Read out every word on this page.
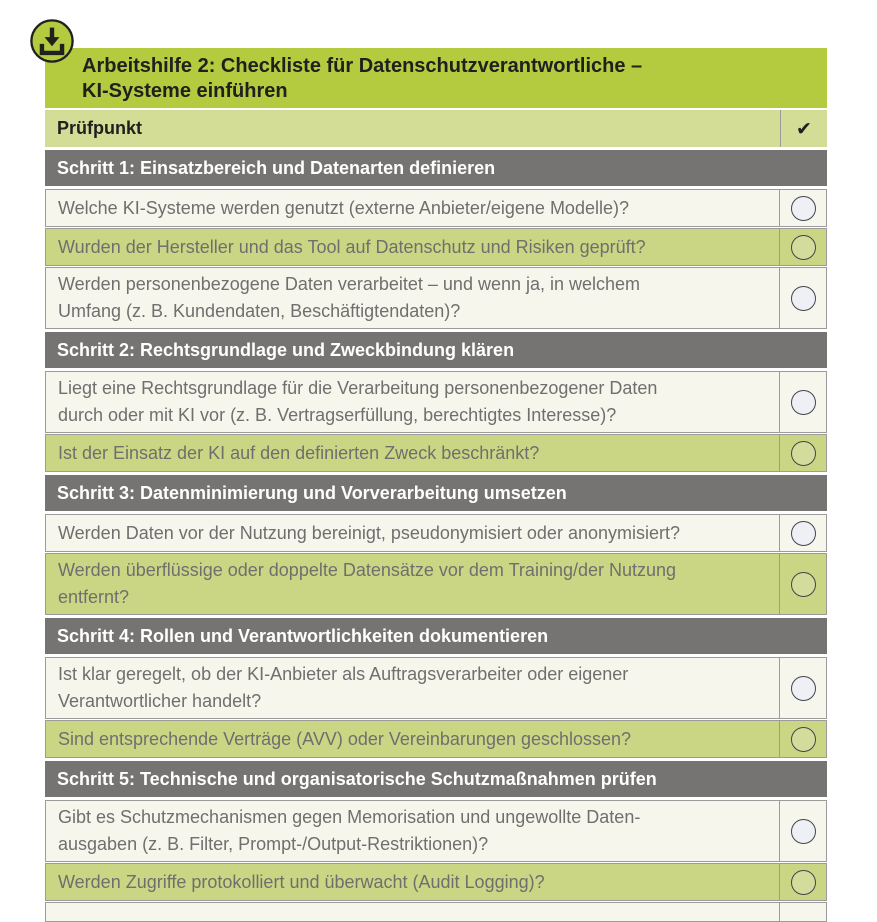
Arbeitshilfe 2: Checkliste für Datenschutzverantwortliche –
KI-Systeme einführen
Prüfpunkt	✔
Schritt 1: Einsatzbereich und Datenarten definieren
Welche KI-Systeme werden genutzt (externe Anbieter/eigene Modelle)?
Wurden der Hersteller und das Tool auf Datenschutz und Risiken geprüft?
Werden personenbezogene Daten verarbeitet – und wenn ja, in welchem
Umfang (z. B. Kundendaten, Beschäftigtendaten)?
Schritt 2: Rechtsgrundlage und Zweckbindung klären
Liegt eine Rechtsgrundlage für die Verarbeitung personenbezogener Daten
durch oder mit KI vor (z. B. Vertragserfüllung, berechtigtes Interesse)?
Ist der Einsatz der KI auf den definierten Zweck beschränkt?
Schritt 3: Datenminimierung und Vorverarbeitung umsetzen
Werden Daten vor der Nutzung bereinigt, pseudonymisiert oder anonymisiert?
Werden überflüssige oder doppelte Datensätze vor dem Training/der Nutzung
entfernt?
Schritt 4: Rollen und Verantwortlichkeiten dokumentieren
Ist klar geregelt, ob der KI-Anbieter als Auftragsverarbeiter oder eigener
Verantwortlicher handelt?
Sind entsprechende Verträge (AVV) oder Vereinbarungen geschlossen?
Schritt 5: Technische und organisatorische Schutzmaßnahmen prüfen
Gibt es Schutzmechanismen gegen Memorisation und ungewollte Daten-
ausgaben (z. B. Filter, Prompt-/Output-Restriktionen)?
Werden Zugriffe protokolliert und überwacht (Audit Logging)?
